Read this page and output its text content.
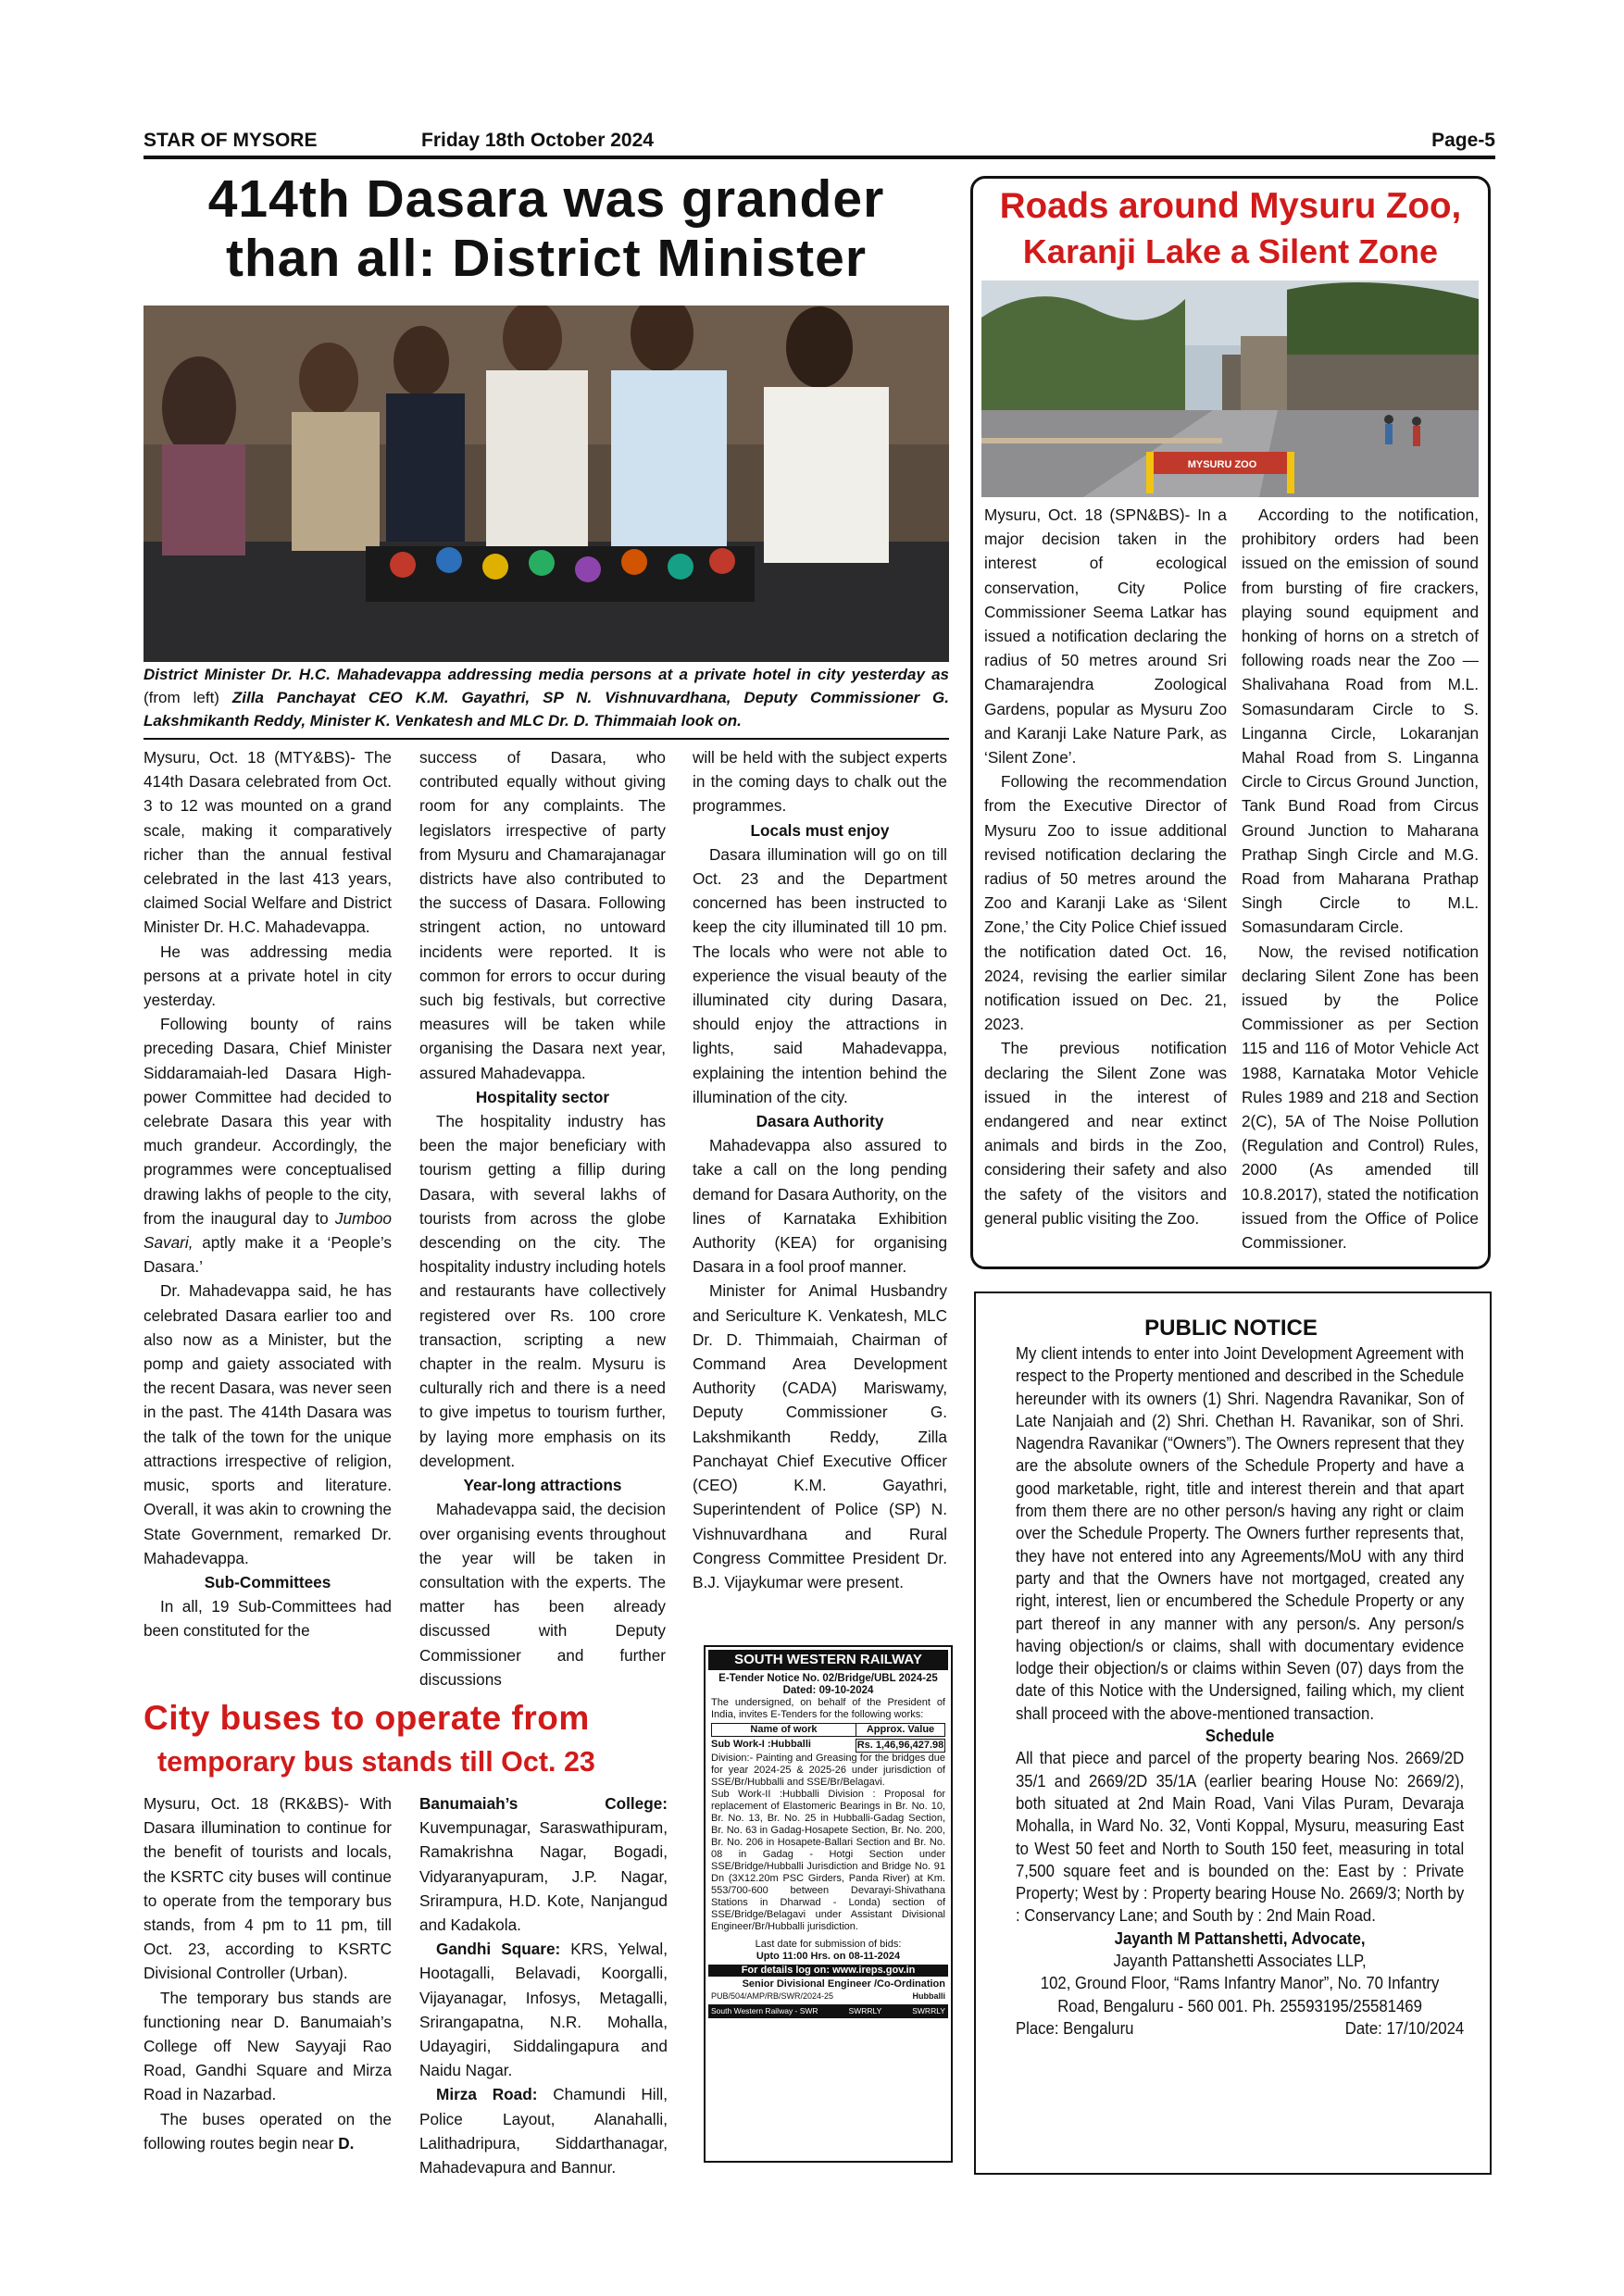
STAR OF MYSORE	Friday 18th October 2024	Page-5
414th Dasara was grander
than all: District Minister
District Minister Dr. H.C. Mahadevappa addressing media persons at a private hotel in city yesterday as (from left) Zilla Panchayat CEO K.M. Gayathri, SP N. Vishnuvardhana, Deputy Commissioner G. Lakshmikanth Reddy, Minister K. Venkatesh and MLC Dr. D. Thimmaiah look on.

Mysuru, Oct. 18 (MTY&BS)- The 414th Dasara celebrated from Oct. 3 to 12 was mounted on a grand scale, making it comparatively richer than the annual festival celebrated in the last 413 years, claimed Social Welfare and District Minister Dr. H.C. Mahadevappa.

He was addressing media persons at a private hotel in city yesterday.

Following bounty of rains preceding Dasara, Chief Minister Siddaramaiah-led Dasara High-power Committee had decided to celebrate Dasara this year with much grandeur. Accordingly, the programmes were conceptualised drawing lakhs of people to the city, from the inaugural day to Jumboo Savari, aptly make it a ‘People’s Dasara.’

Dr. Mahadevappa said, he has celebrated Dasara earlier too and also now as a Minister, but the pomp and gaiety associated with the recent Dasara, was never seen in the past. The 414th Dasara was the talk of the town for the unique attractions irrespective of religion, music, sports and literature. Overall, it was akin to crowning the State Government, remarked Dr. Mahadevappa.

Sub-Committees

In all, 19 Sub-Committees had been constituted for the

success of Dasara, who contributed equally without giving room for any complaints. The legislators irrespective of party from Mysuru and Chamarajanagar districts have also contributed to the success of Dasara. Following stringent action, no untoward incidents were reported. It is common for errors to occur during such big festivals, but corrective measures will be taken while organising the Dasara next year, assured Mahadevappa.

Hospitality sector

The hospitality industry has been the major beneficiary with tourism getting a fillip during Dasara, with several lakhs of tourists from across the globe descending on the city. The hospitality industry including hotels and restaurants have collectively registered over Rs. 100 crore transaction, scripting a new chapter in the realm. Mysuru is culturally rich and there is a need to give impetus to tourism further, by laying more emphasis on its development.

Year-long attractions

Mahadevappa said, the decision over organising events throughout the year will be taken in consultation with the experts. The matter has been already discussed with Deputy Commissioner and further discussions

will be held with the subject experts in the coming days to chalk out the programmes.

Locals must enjoy

Dasara illumination will go on till Oct. 23 and the Department concerned has been instructed to keep the city illuminated till 10 pm. The locals who were not able to experience the visual beauty of the illuminated city during Dasara, should enjoy the attractions in lights, said Mahadevappa, explaining the intention behind the illumination of the city.

Dasara Authority

Mahadevappa also assured to take a call on the long pending demand for Dasara Authority, on the lines of Karnataka Exhibition Authority (KEA) for organising Dasara in a fool proof manner.

Minister for Animal Husbandry and Sericulture K. Venkatesh, MLC Dr. D. Thimmaiah, Chairman of Command Area Development Authority (CADA) Mariswamy, Deputy Commissioner G. Lakshmikanth Reddy, Zilla Panchayat Chief Executive Officer (CEO) K.M. Gayathri, Superintendent of Police (SP) N. Vishnuvardhana and Rural Congress Committee President Dr. B.J. Vijaykumar were present.

SOUTH WESTERN RAILWAY
E-Tender Notice No. 02/Bridge/UBL 2024-25
Dated: 09-10-2024
The undersigned, on behalf of the President of India, invites E-Tenders for the following works:
Name of work	Approx. Value
Sub Work-I :Hubballi	Rs. 1,46,96,427.98
Division:- Painting and Greasing for the bridges due for year 2024-25 & 2025-26 under jurisdiction of SSE/Br/Hubballi and SSE/Br/Belagavi.
Sub Work-II :Hubballi Division : Proposal for replacement of Elastomeric Bearings in Br. No. 10, Br. No. 13, Br. No. 25 in Hubballi-Gadag Section, Br. No. 63 in Gadag-Hosapete Section, Br. No. 200, Br. No. 206 in Hosapete-Ballari Section and Br. No. 08 in Gadag - Hotgi Section under SSE/Bridge/Hubballi Jurisdiction and Bridge No. 91 Dn (3X12.20m PSC Girders, Panda River) at Km. 553/700-600 between Devarayi-Shivathana Stations in Dharwad - Londa) section of SSE/Bridge/Belagavi under Assistant Divisional Engineer/Br/Hubballi jurisdiction.
Last date for submission of bids:
Upto 11:00 Hrs. on 08-11-2024
For details log on: www.ireps.gov.in
Senior Divisional Engineer /Co-Ordination
PUB/504/AMP/RB/SWR/2024-25	Hubballi
South Western Railway - SWR	SWRRLY	SWRRLY
City buses to operate from
temporary bus stands till Oct. 23

Mysuru, Oct. 18 (RK&BS)- With Dasara illumination to continue for the benefit of tourists and locals, the KSRTC city buses will continue to operate from the temporary bus stands, from 4 pm to 11 pm, till Oct. 23, according to KSRTC Divisional Controller (Urban).

The temporary bus stands are functioning near D. Banumaiah’s College off New Sayyaji Rao Road, Gandhi Square and Mirza Road in Nazarbad.

The buses operated on the following routes begin near D.

Banumaiah’s College: Kuvempunagar, Saraswathipuram, Ramakrishna Nagar, Bogadi, Vidyaranyapuram, J.P. Nagar, Srirampura, H.D. Kote, Nanjangud and Kadakola.

Gandhi Square: KRS, Yelwal, Hootagalli, Belavadi, Koorgalli, Vijayanagar, Infosys, Metagalli, Srirangapatna, N.R. Mohalla, Udayagiri, Siddalingapura and Naidu Nagar.

Mirza Road: Chamundi Hill, Police Layout, Alanahalli, Lalithadripura, Siddarthanagar, Mahadevapura and Bannur.

Roads around Mysuru Zoo,
Karanji Lake a Silent Zone
MYSURU ZOO

Mysuru, Oct. 18 (SPN&BS)- In a major decision taken in the interest of ecological conservation, City Police Commissioner Seema Latkar has issued a notification declaring the radius of 50 metres around Sri Chamarajendra Zoological Gardens, popular as Mysuru Zoo and Karanji Lake Nature Park, as ‘Silent Zone’.

Following the recommendation from the Executive Director of Mysuru Zoo to issue additional revised notification declaring the radius of 50 metres around the Zoo and Karanji Lake as ‘Silent Zone,’ the City Police Chief issued the notification dated Oct. 16, 2024, revising the earlier similar notification issued on Dec. 21, 2023.

The previous notification declaring the Silent Zone was issued in the interest of endangered and near extinct animals and birds in the Zoo, considering their safety and also the safety of the visitors and general public visiting the Zoo.

According to the notification, prohibitory orders had been issued on the emission of sound from bursting of fire crackers, playing sound equipment and honking of horns on a stretch of following roads near the Zoo — Shalivahana Road from M.L. Somasundaram Circle to S. Linganna Circle, Lokaranjan Mahal Road from S. Linganna Circle to Circus Ground Junction, Tank Bund Road from Circus Ground Junction to Maharana Prathap Singh Circle and M.G. Road from Maharana Prathap Singh Circle to M.L. Somasundaram Circle.

Now, the revised notification declaring Silent Zone has been issued by the Police Commissioner as per Section 115 and 116 of Motor Vehicle Act 1988, Karnataka Motor Vehicle Rules 1989 and 218 and Section 2(C), 5A of The Noise Pollution (Regulation and Control) Rules, 2000 (As amended till 10.8.2017), stated the notification issued from the Office of Police Commissioner.

PUBLIC NOTICE
My client intends to enter into Joint Development Agreement with respect to the Property mentioned and described in the Schedule hereunder with its owners (1) Shri. Nagendra Ravanikar, Son of Late Nanjaiah and (2) Shri. Chethan H. Ravanikar, son of Shri. Nagendra Ravanikar (“Owners”). The Owners represent that they are the absolute owners of the Schedule Property and have a good marketable, right, title and interest therein and that apart from them there are no other person/s having any right or claim over the Schedule Property. The Owners further represents that, they have not entered into any Agreements/MoU with any third party and that the Owners have not mortgaged, created any right, interest, lien or encumbered the Schedule Property or any part thereof in any manner with any person/s. Any person/s having objection/s or claims, shall with documentary evidence lodge their objection/s or claims within Seven (07) days from the date of this Notice with the Undersigned, failing which, my client shall proceed with the above-mentioned transaction.
Schedule
All that piece and parcel of the property bearing Nos. 2669/2D 35/1 and 2669/2D 35/1A (earlier bearing House No: 2669/2), both situated at 2nd Main Road, Vani Vilas Puram, Devaraja Mohalla, in Ward No. 32, Vonti Koppal, Mysuru, measuring East to West 50 feet and North to South 150 feet, measuring in total 7,500 square feet and is bounded on the: East by : Private Property; West by : Property bearing House No. 2669/3; North by : Conservancy Lane; and South by : 2nd Main Road.
Jayanth M Pattanshetti, Advocate,
Jayanth Pattanshetti Associates LLP,
102, Ground Floor, “Rams Infantry Manor”, No. 70 Infantry
Road, Bengaluru - 560 001. Ph. 25593195/25581469
Place: Bengaluru	Date: 17/10/2024
